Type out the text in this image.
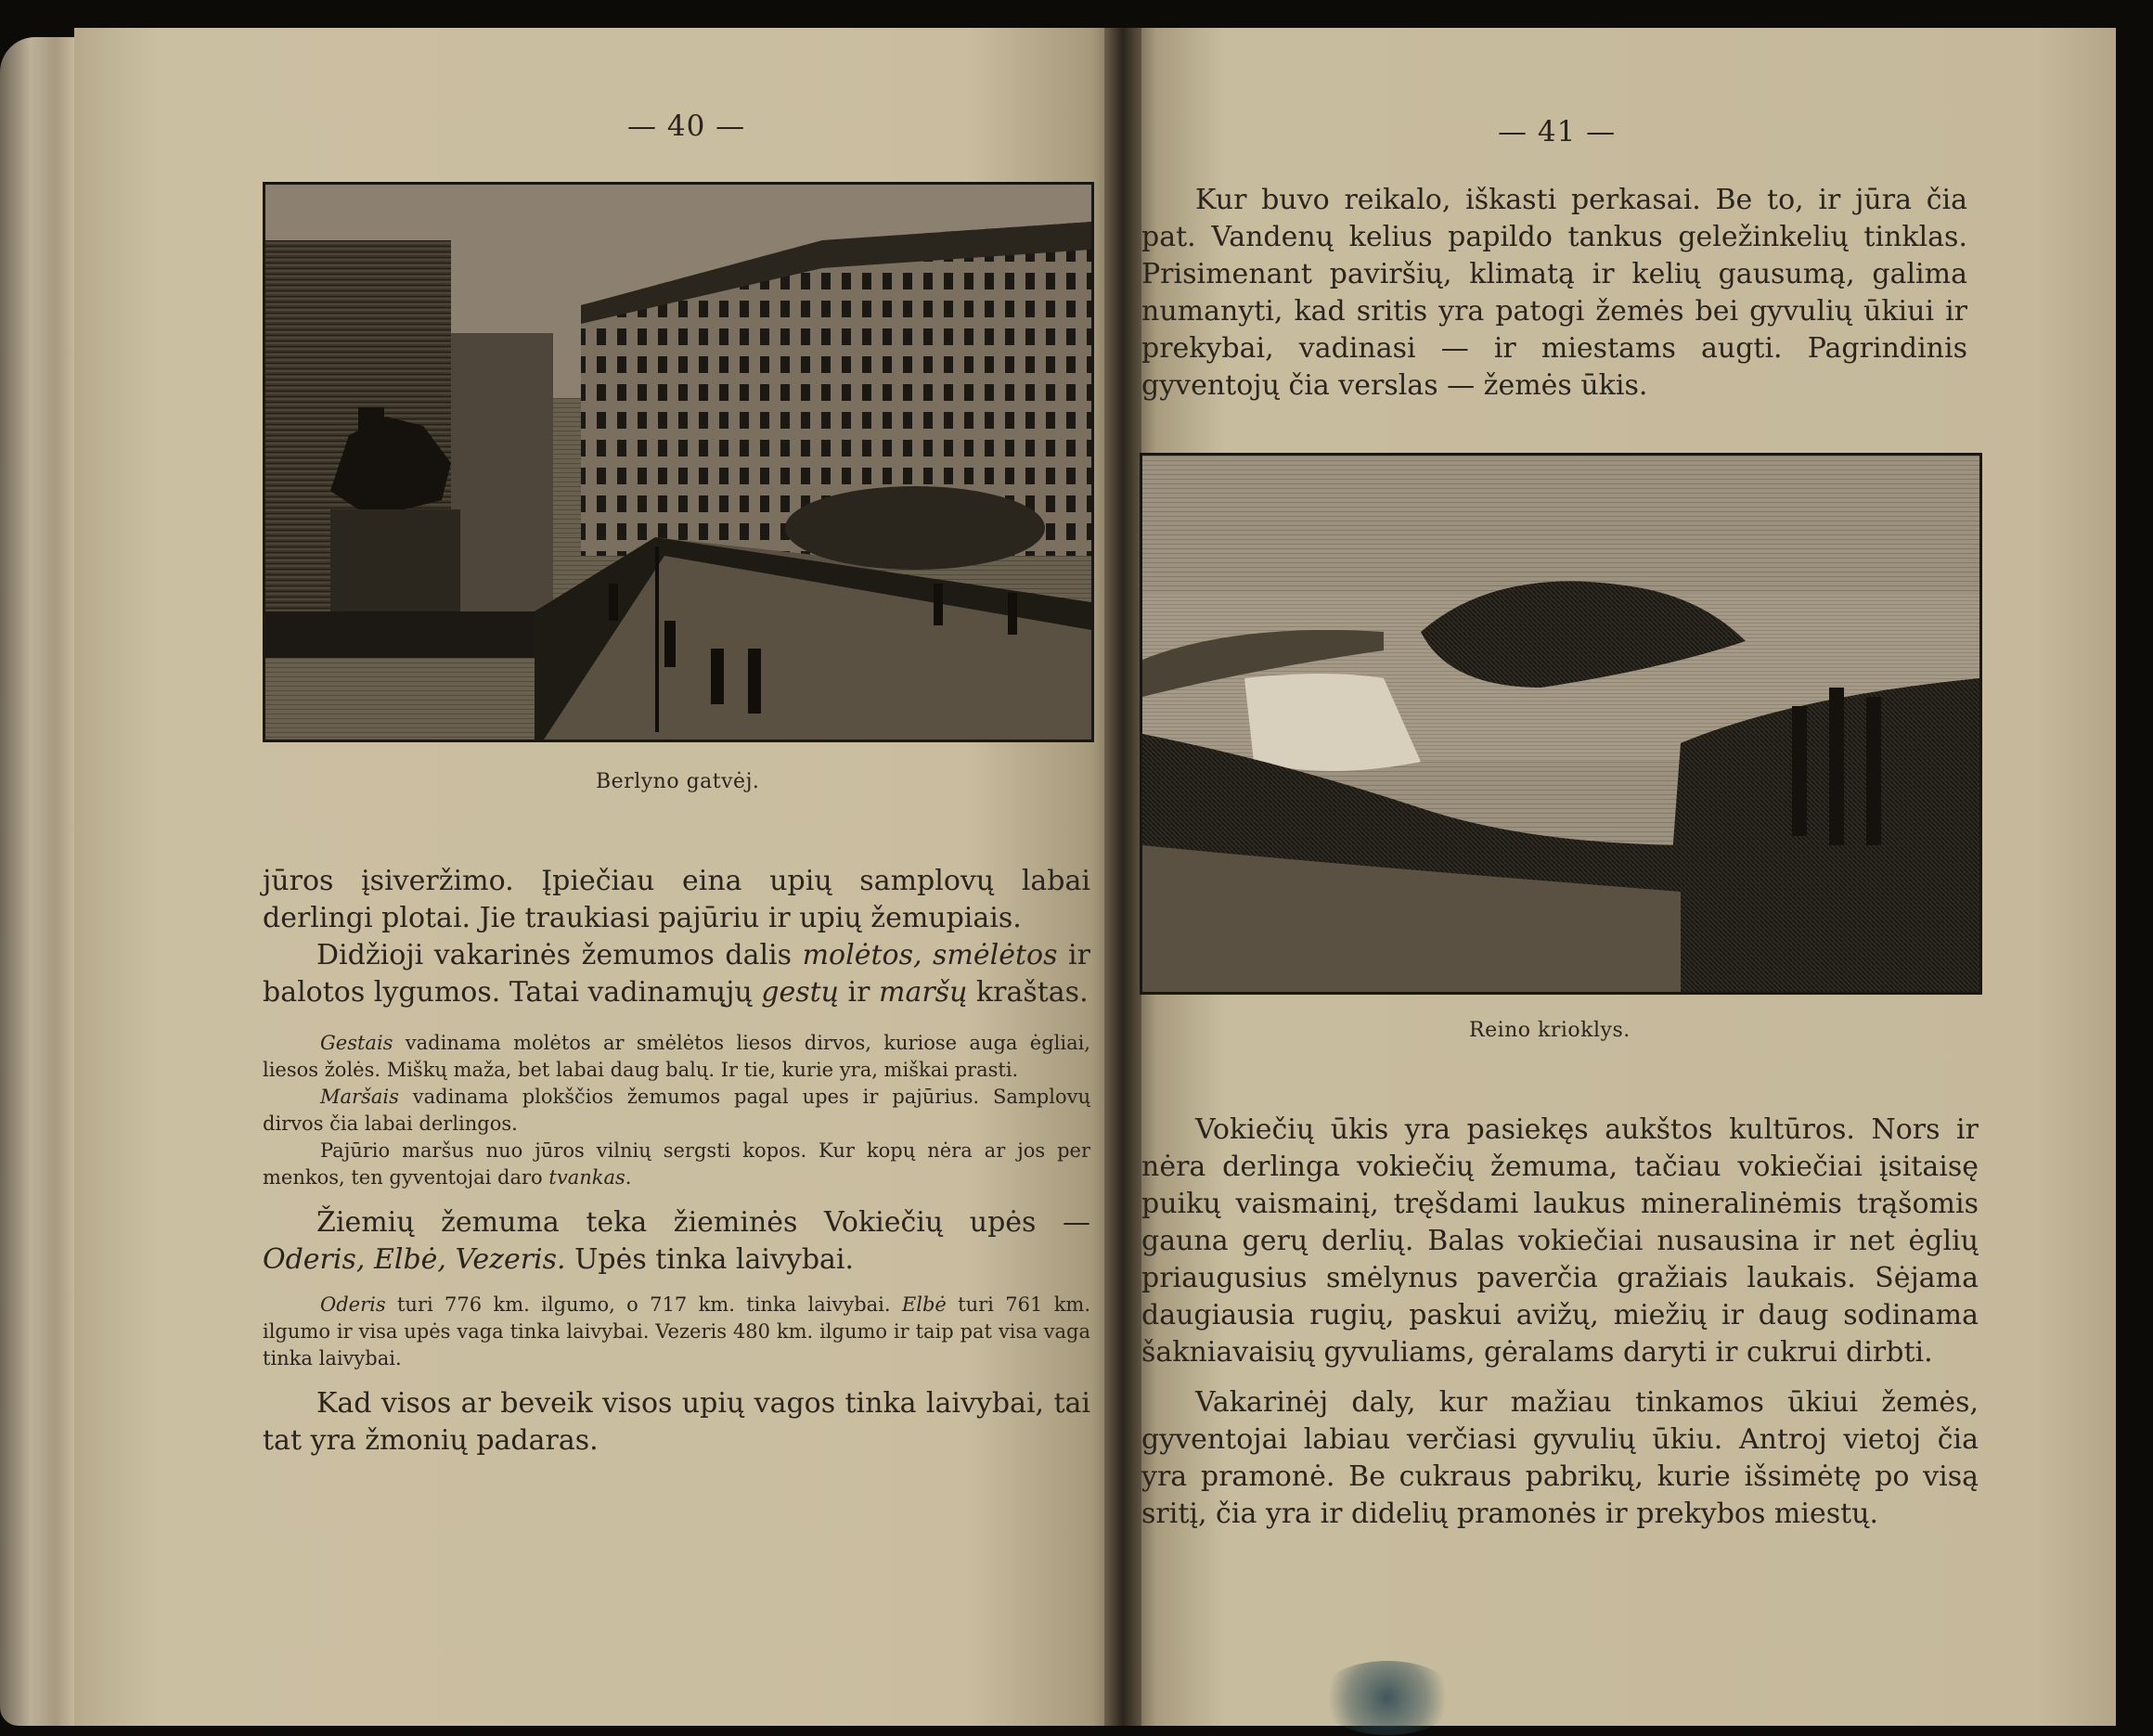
— 40 —
Berlyno gatvėj.

jūros įsiveržimo. Įpiečiau eina upių samplovų labai derlingi plotai. Jie traukiasi pajūriu ir upių žemupiais.

Didžioji vakarinės žemumos dalis molėtos, smėlėtos ir balotos lygumos. Tatai vadinamųjų gestų ir maršų kraštas.

Gestais vadinama molėtos ar smėlėtos liesos dirvos, kuriose auga ėgliai, liesos žolės. Miškų maža, bet labai daug balų. Ir tie, kurie yra, miškai prasti.

Maršais vadinama plokščios žemumos pagal upes ir pajūrius. Samplovų dirvos čia labai derlingos.

Pajūrio maršus nuo jūros vilnių sergsti kopos. Kur kopų nėra ar jos per menkos, ten gyventojai daro tvankas.

Žiemių žemuma teka žieminės Vokiečių upės — Oderis, Elbė, Vezeris. Upės tinka laivybai.

Oderis turi 776 km. ilgumo, o 717 km. tinka laivybai. Elbė turi 761 km. ilgumo ir visa upės vaga tinka laivybai. Vezeris 480 km. ilgumo ir taip pat visa vaga tinka laivybai.

Kad visos ar beveik visos upių vagos tinka laivybai, tai tat yra žmonių padaras.

— 41 —

Kur buvo reikalo, iškasti perkasai. Be to, ir jūra čia pat. Vandenų kelius papildo tankus geležinkelių tinklas. Prisimenant paviršių, klimatą ir kelių gausumą, galima numanyti, kad sritis yra patogi žemės bei gyvulių ūkiui ir prekybai, vadinasi — ir miestams augti. Pagrindinis gyventojų čia verslas — žemės ūkis.

Reino krioklys.

Vokiečių ūkis yra pasiekęs aukštos kultūros. Nors ir nėra derlinga vokiečių žemuma, tačiau vokiečiai įsitaisę puikų vaismainį, tręšdami laukus mineralinėmis trąšomis gauna gerų derlių. Balas vokiečiai nusausina ir net ėglių priaugusius smėlynus paverčia gražiais laukais. Sėjama daugiausia rugių, paskui avižų, miežių ir daug sodinama šakniavaisių gyvuliams, gėralams daryti ir cukrui dirbti.

Vakarinėj daly, kur mažiau tinkamos ūkiui žemės, gyventojai labiau verčiasi gyvulių ūkiu. Antroj vietoj čia yra pramonė. Be cukraus pabrikų, kurie išsimėtę po visą sritį, čia yra ir didelių pramonės ir prekybos miestų.
